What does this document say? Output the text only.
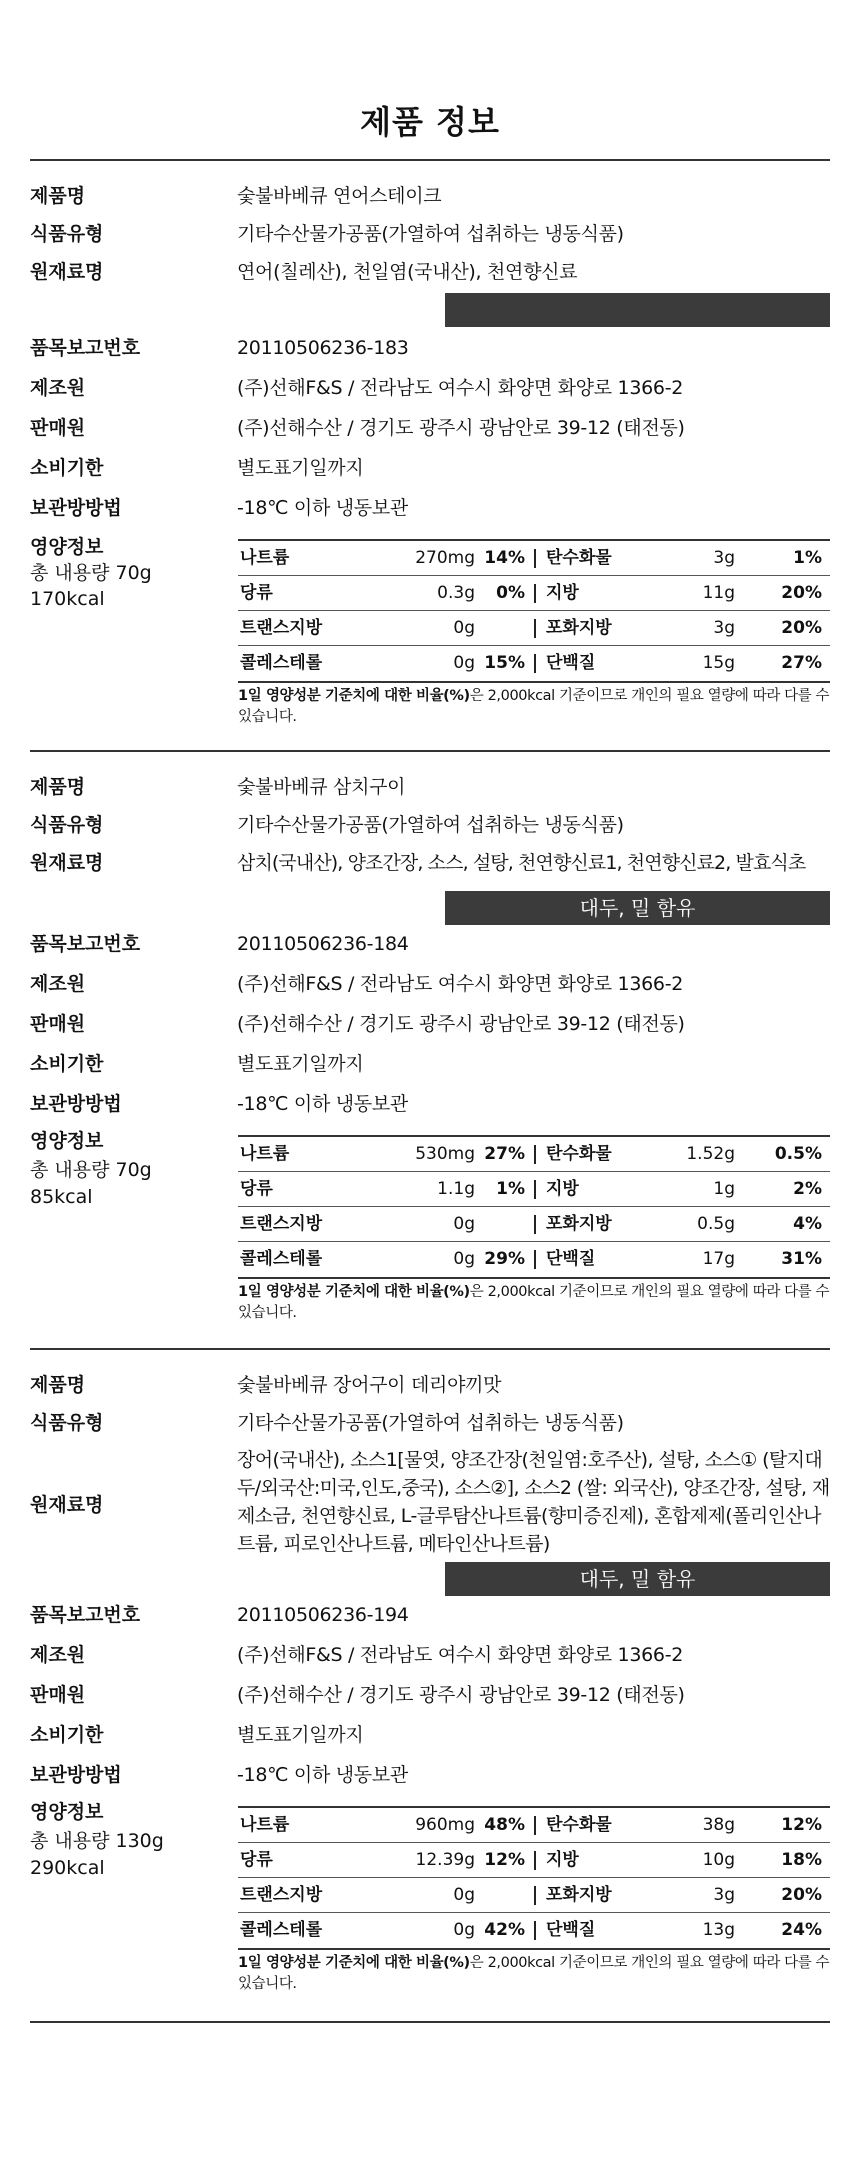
제품 정보
제품명	숯불바베큐 연어스테이크
식품유형	기타수산물가공품(가열하여 섭취하는 냉동식품)
원재료명	연어(칠레산), 천일염(국내산), 천연향신료
품목보고번호	20110506236-183
제조원	(주)선해F&S / 전라남도 여수시 화양면 화양로 1366-2
판매원	(주)선해수산 / 경기도 광주시 광남안로 39-12 (태전동)
소비기한	별도표기일까지
보관방방법	-18℃ 이하 냉동보관
영양정보
총 내용량 70g
170kcal
나트륨	270mg 14% 탄수화물	3g	1%
당류	0.3g 0% 지방	11g	20%
트랜스지방	0g	포화지방	3g	20%
콜레스테롤	0g 15% 단백질	15g	27%
1일 영양성분 기준치에 대한 비율(%)은 2,000kcal 기준이므로 개인의 필요 열량에 따라 다를 수 있습니다.
제품명	숯불바베큐 삼치구이
식품유형	기타수산물가공품(가열하여 섭취하는 냉동식품)
원재료명	삼치(국내산), 양조간장, 소스, 설탕, 천연향신료1, 천연향신료2, 발효식초
대두, 밀 함유
품목보고번호	20110506236-184
제조원	(주)선해F&S / 전라남도 여수시 화양면 화양로 1366-2
판매원	(주)선해수산 / 경기도 광주시 광남안로 39-12 (태전동)
소비기한	별도표기일까지
보관방방법	-18℃ 이하 냉동보관
영양정보
총 내용량 70g
85kcal
나트륨	530mg 27% 탄수화물	1.52g 0.5%
당류	1.1g 1% 지방	1g	2%
트랜스지방	0g	포화지방	0.5g	4%
콜레스테롤	0g 29% 단백질	17g	31%
1일 영양성분 기준치에 대한 비율(%)은 2,000kcal 기준이므로 개인의 필요 열량에 따라 다를 수 있습니다.
제품명	숯불바베큐 장어구이 데리야끼맛
식품유형	기타수산물가공품(가열하여 섭취하는 냉동식품)
원재료명
장어(국내산), 소스1[물엿, 양조간장(천일염:호주산), 설탕, 소스① (탈지대두/외국산:미국,인도,중국), 소스②], 소스2 (쌀: 외국산), 양조간장, 설탕, 재제소금, 천연향신료, L-글루탐산나트륨(향미증진제), 혼합제제(폴리인산나트륨, 피로인산나트륨, 메타인산나트륨)
대두, 밀 함유
품목보고번호	20110506236-194
제조원	(주)선해F&S / 전라남도 여수시 화양면 화양로 1366-2
판매원	(주)선해수산 / 경기도 광주시 광남안로 39-12 (태전동)
소비기한	별도표기일까지
보관방방법	-18℃ 이하 냉동보관
영양정보
총 내용량 130g
290kcal
나트륨	960mg 48% 탄수화물	38g	12%
당류	12.39g 12% 지방	10g	18%
트랜스지방	0g	포화지방	3g	20%
콜레스테롤	0g 42% 단백질	13g	24%
1일 영양성분 기준치에 대한 비율(%)은 2,000kcal 기준이므로 개인의 필요 열량에 따라 다를 수 있습니다.
